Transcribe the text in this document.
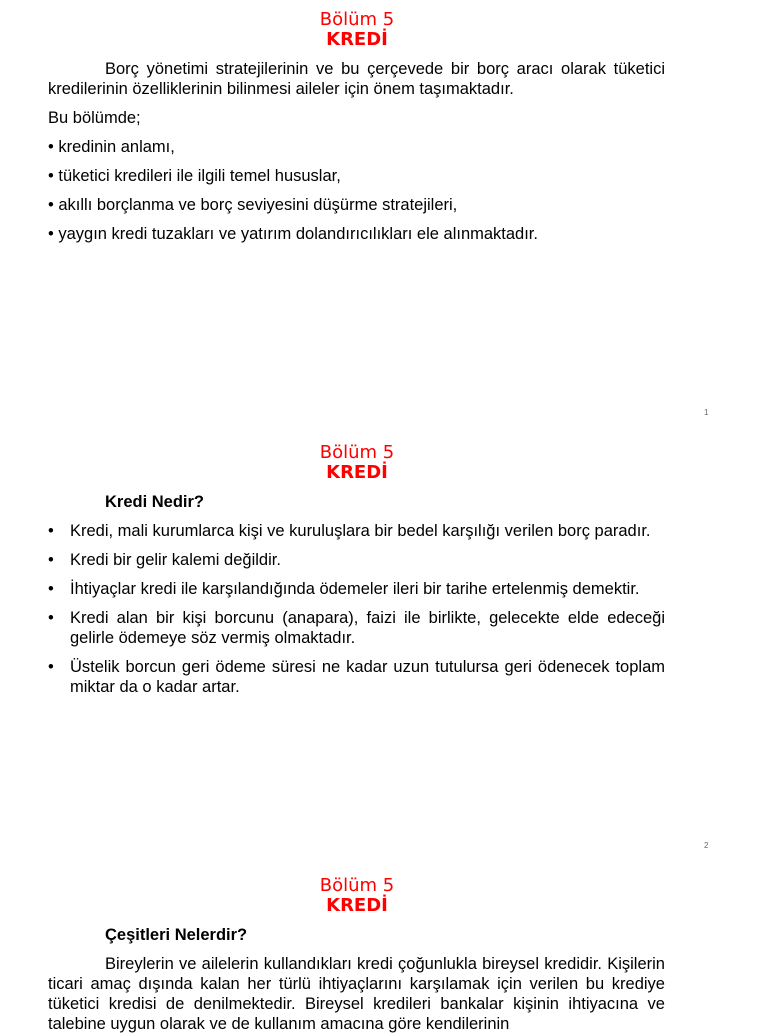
Bölüm 5
KREDİ

Borç yönetimi stratejilerinin ve bu çerçevede bir borç aracı olarak tüketici kredilerinin özelliklerinin bilinmesi aileler için önem taşımaktadır.

Bu bölümde;
• kredinin anlamı,
• tüketici kredileri ile ilgili temel hususlar,
• akıllı borçlanma ve borç seviyesini düşürme stratejileri,
• yaygın kredi tuzakları ve yatırım dolandırıcılıkları ele alınmaktadır.
1
Bölüm 5
KREDİ
Kredi Nedir?
• Kredi, mali kurumlarca kişi ve kuruluşlara bir bedel karşılığı verilen borç paradır.
• Kredi bir gelir kalemi değildir.
• İhtiyaçlar kredi ile karşılandığında ödemeler ileri bir tarihe ertelenmiş demektir.
• Kredi alan bir kişi borcunu (anapara), faizi ile birlikte, gelecekte elde edeceği gelirle ödemeye söz vermiş olmaktadır.
• Üstelik borcun geri ödeme süresi ne kadar uzun tutulursa geri ödenecek toplam miktar da o kadar artar.
2
Bölüm 5
KREDİ
Çeşitleri Nelerdir?

Bireylerin ve ailelerin kullandıkları kredi çoğunlukla bireysel kredidir. Kişilerin ticari amaç dışında kalan her türlü ihtiyaçlarını karşılamak için verilen bu krediye tüketici kredisi de denilmektedir. Bireysel kredileri bankalar kişinin ihtiyacına ve talebine uygun olarak ve de kullanım amacına göre kendilerinin
